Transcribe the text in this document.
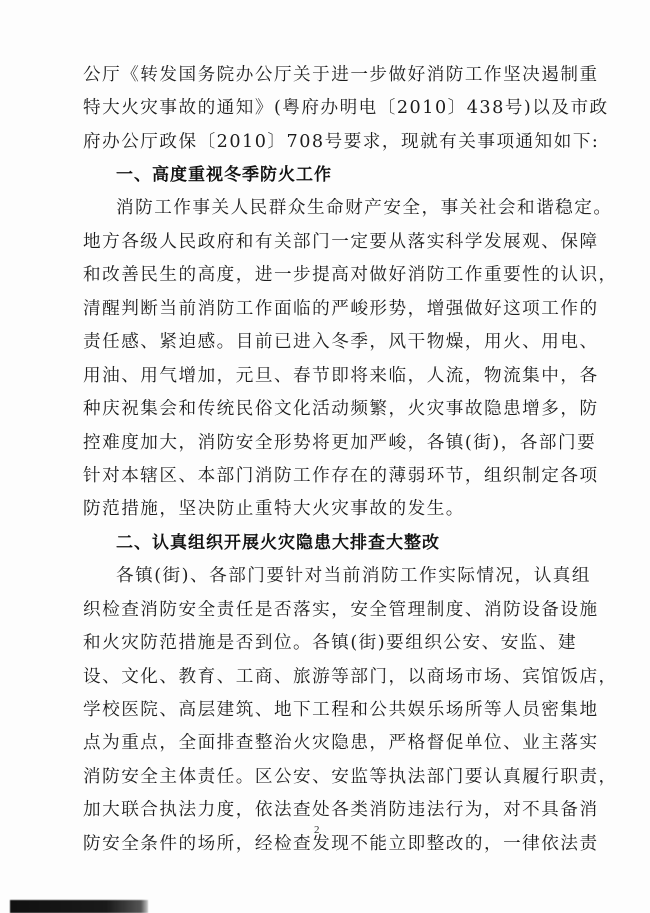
公厅《转发国务院办公厅关于进一步做好消防工作坚决遏制重
特大火灾事故的通知》(粤府办明电〔2010〕438号)以及市政
府办公厅政保〔2010〕708号要求，现就有关事项通知如下:
一、高度重视冬季防火工作
消防工作事关人民群众生命财产安全，事关社会和谐稳定。
地方各级人民政府和有关部门一定要从落实科学发展观、保障
和改善民生的高度，进一步提高对做好消防工作重要性的认识，
清醒判断当前消防工作面临的严峻形势，增强做好这项工作的
责任感、紧迫感。目前已进入冬季，风干物燥，用火、用电、
用油、用气增加，元旦、春节即将来临，人流，物流集中，各
种庆祝集会和传统民俗文化活动频繁，火灾事故隐患增多，防
控难度加大，消防安全形势将更加严峻，各镇(街)，各部门要
针对本辖区、本部门消防工作存在的薄弱环节，组织制定各项
防范措施，坚决防止重特大火灾事故的发生。
二、认真组织开展火灾隐患大排查大整改
各镇(街)、各部门要针对当前消防工作实际情况，认真组
织检查消防安全责任是否落实，安全管理制度、消防设备设施
和火灾防范措施是否到位。各镇(街)要组织公安、安监、建
设、文化、教育、工商、旅游等部门，以商场市场、宾馆饭店，
学校医院、高层建筑、地下工程和公共娱乐场所等人员密集地
点为重点，全面排查整治火灾隐患，严格督促单位、业主落实
消防安全主体责任。区公安、安监等执法部门要认真履行职责，
加大联合执法力度，依法查处各类消防违法行为，对不具备消
防安全条件的场所，经检查发现不能立即整改的，一律依法责
2
